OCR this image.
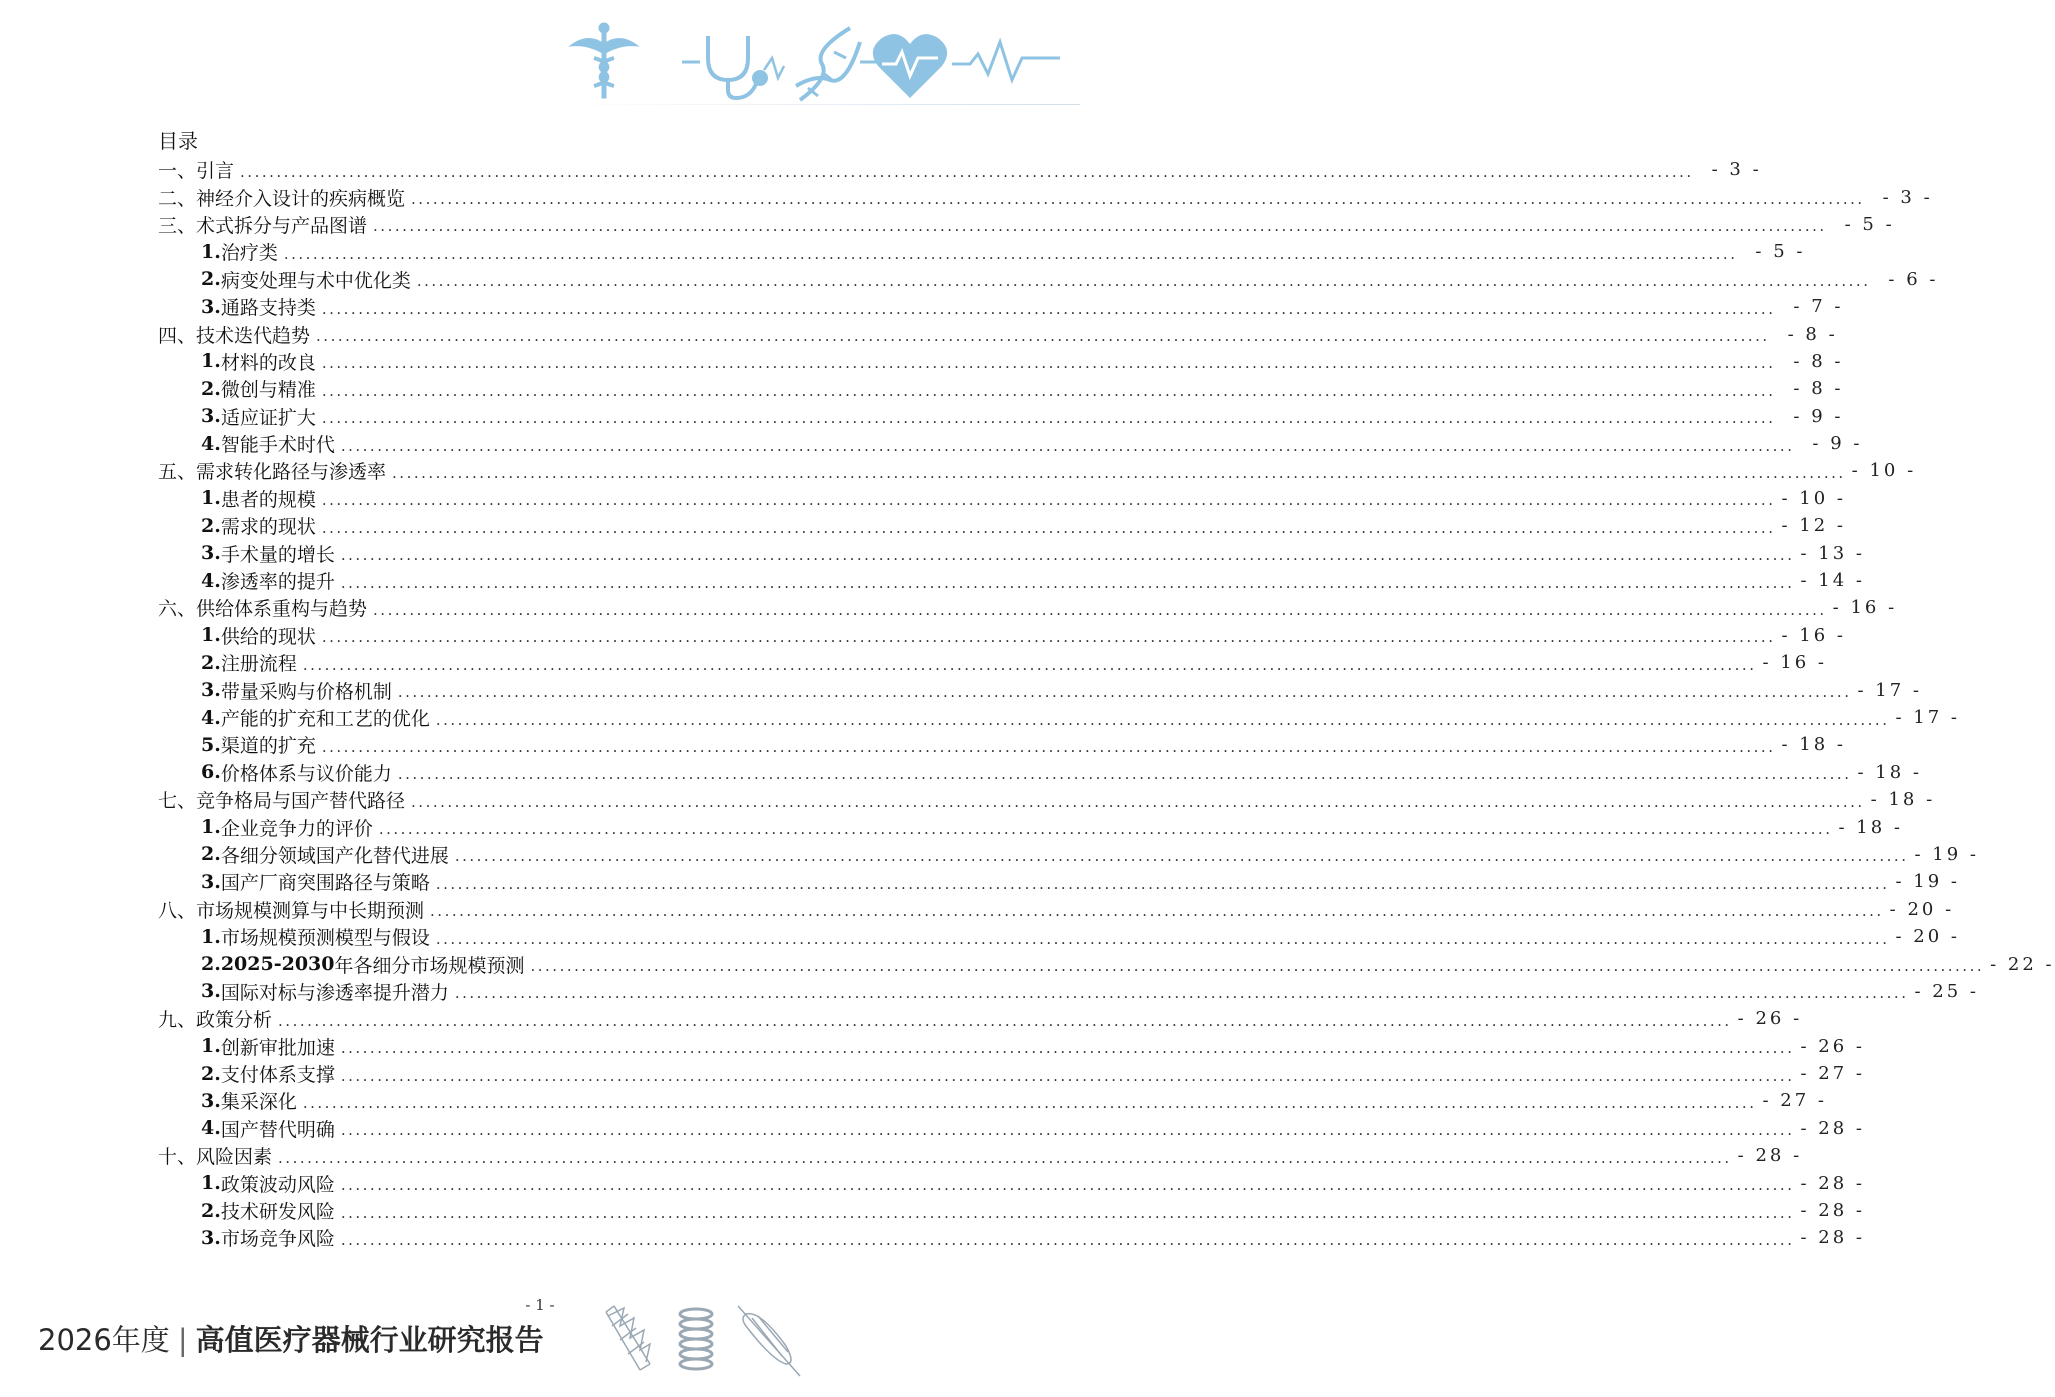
目录
一、 引言 ........................................................................................................................................................................................................ - 3 -
二、 神经介入设计的疾病概览 ........................................................................................................................................................................................................ - 3 -
三、 术式拆分与产品图谱 ........................................................................................................................................................................................................ - 5 -
1. 治疗类 ........................................................................................................................................................................................................ - 5 -
2. 病变处理与术中优化类 ........................................................................................................................................................................................................ - 6 -
3. 通路支持类 ........................................................................................................................................................................................................ - 7 -
四、 技术迭代趋势 ........................................................................................................................................................................................................ - 8 -
1. 材料的改良 ........................................................................................................................................................................................................ - 8 -
2. 微创与精准 ........................................................................................................................................................................................................ - 8 -
3. 适应证扩大 ........................................................................................................................................................................................................ - 9 -
4. 智能手术时代 ........................................................................................................................................................................................................ - 9 -
五、 需求转化路径与渗透率 ........................................................................................................................................................................................................ - 10 -
1. 患者的规模 ........................................................................................................................................................................................................ - 10 -
2. 需求的现状 ........................................................................................................................................................................................................ - 12 -
3. 手术量的增长 ........................................................................................................................................................................................................ - 13 -
4. 渗透率的提升 ........................................................................................................................................................................................................ - 14 -
六、 供给体系重构与趋势 ........................................................................................................................................................................................................ - 16 -
1. 供给的现状 ........................................................................................................................................................................................................ - 16 -
2. 注册流程 ........................................................................................................................................................................................................ - 16 -
3. 带量采购与价格机制 ........................................................................................................................................................................................................ - 17 -
4. 产能的扩充和工艺的优化 ........................................................................................................................................................................................................ - 17 -
5. 渠道的扩充 ........................................................................................................................................................................................................ - 18 -
6. 价格体系与议价能力 ........................................................................................................................................................................................................ - 18 -
七、 竞争格局与国产替代路径 ........................................................................................................................................................................................................ - 18 -
1. 企业竞争力的评价 ........................................................................................................................................................................................................ - 18 -
2. 各细分领域国产化替代进展 ........................................................................................................................................................................................................ - 19 -
3. 国产厂商突围路径与策略 ........................................................................................................................................................................................................ - 19 -
八、 市场规模测算与中长期预测 ........................................................................................................................................................................................................ - 20 -
1. 市场规模预测模型与假设 ........................................................................................................................................................................................................ - 20 -
2.2025-2030 年各细分市场规模预测 ........................................................................................................................................................................................................ - 22 -
3. 国际对标与渗透率提升潜力 ........................................................................................................................................................................................................ - 25 -
九、 政策分析 ........................................................................................................................................................................................................ - 26 -
1. 创新审批加速 ........................................................................................................................................................................................................ - 26 -
2. 支付体系支撑 ........................................................................................................................................................................................................ - 27 -
3. 集采深化 ........................................................................................................................................................................................................ - 27 -
4. 国产替代明确 ........................................................................................................................................................................................................ - 28 -
十、 风险因素 ........................................................................................................................................................................................................ - 28 -
1. 政策波动风险 ........................................................................................................................................................................................................ - 28 -
2. 技术研发风险 ........................................................................................................................................................................................................ - 28 -
3. 市场竞争风险 ........................................................................................................................................................................................................ - 28 -
- 1 -
2026年度 | 高值医疗器械行业研究报告
